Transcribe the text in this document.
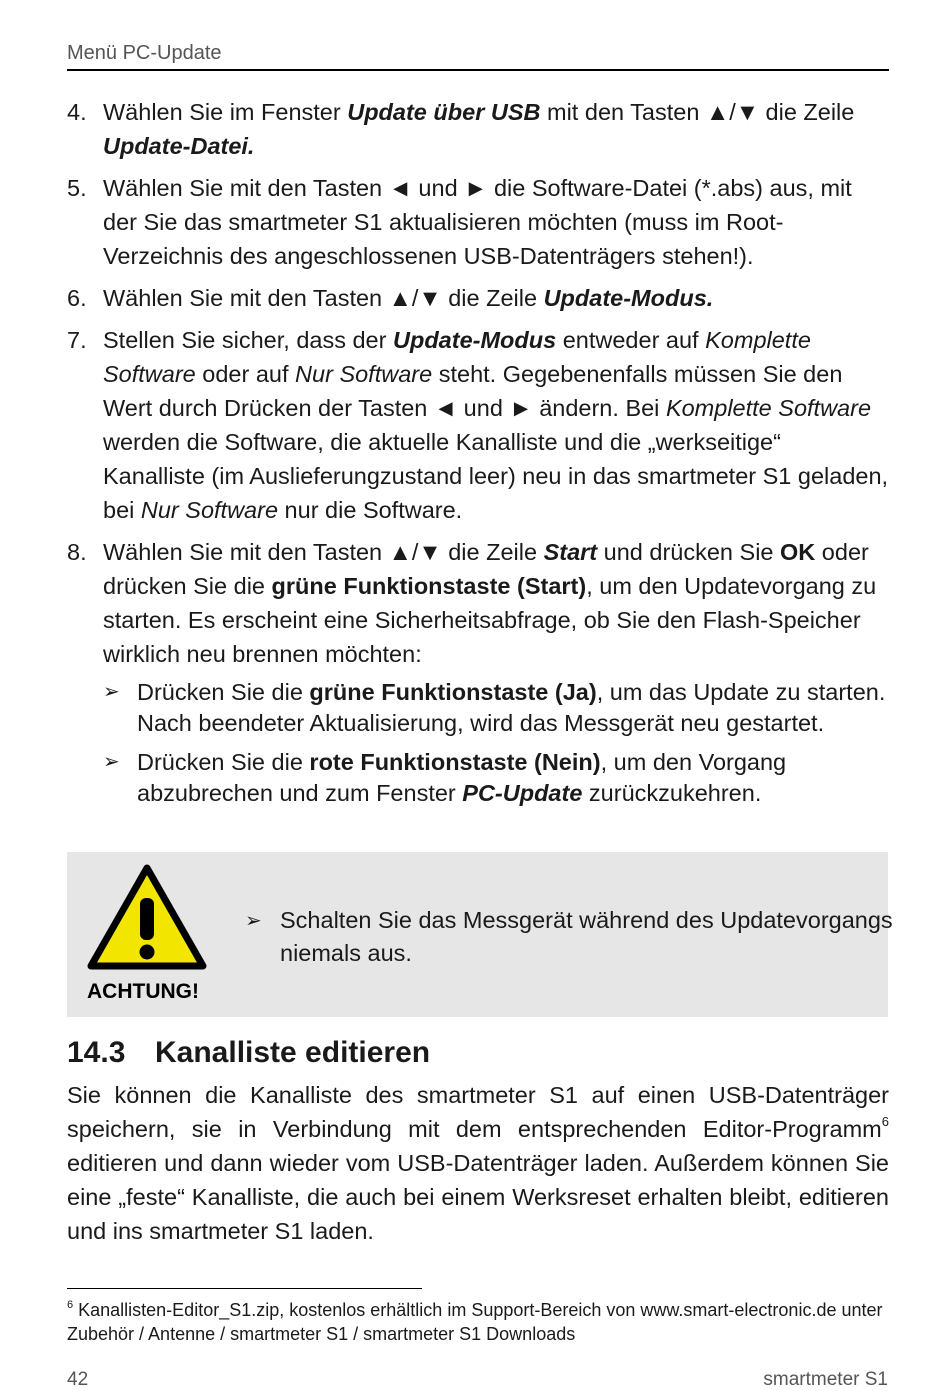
Menü PC-Update
4. Wählen Sie im Fenster Update über USB mit den Tasten ▲/▼ die Zeile Update-Datei.
5. Wählen Sie mit den Tasten ◄ und ► die Software-Datei (*.abs) aus, mit der Sie das smartmeter S1 aktualisieren möchten (muss im Root-Verzeichnis des angeschlossenen USB-Datenträgers stehen!).
6. Wählen Sie mit den Tasten ▲/▼ die Zeile Update-Modus.
7. Stellen Sie sicher, dass der Update-Modus entweder auf Komplette Software oder auf Nur Software steht. Gegebenenfalls müssen Sie den Wert durch Drücken der Tasten ◄ und ► ändern. Bei Komplette Software werden die Software, die aktuelle Kanalliste und die „werkseitige“ Kanalliste (im Auslieferungzustand leer) neu in das smartmeter S1 geladen, bei Nur Software nur die Software.
8. Wählen Sie mit den Tasten ▲/▼ die Zeile Start und drücken Sie OK oder drücken Sie die grüne Funktionstaste (Start), um den Updatevorgang zu starten. Es erscheint eine Sicherheitsabfrage, ob Sie den Flash-Speicher wirklich neu brennen möchten:
➢ Drücken Sie die grüne Funktionstaste (Ja), um das Update zu starten. Nach beendeter Aktualisierung, wird das Messgerät neu gestartet.
➢ Drücken Sie die rote Funktionstaste (Nein), um den Vorgang abzubrechen und zum Fenster PC-Update zurückzukehren.
ACHTUNG!
➢ Schalten Sie das Messgerät während des Updatevorgangs niemals aus.
14.3 Kanalliste editieren
Sie können die Kanalliste des smartmeter S1 auf einen USB-Datenträger speichern, sie in Verbindung mit dem entsprechenden Editor-Programm$^6$ editieren und dann wieder vom USB-Datenträger laden. Außerdem können Sie eine „feste“ Kanalliste, die auch bei einem Werksreset erhalten bleibt, editieren und ins smartmeter S1 laden.
$^6$ Kanallisten-Editor_S1.zip, kostenlos erhältlich im Support-Bereich von www.smart-electronic.de unter Zubehör / Antenne / smartmeter S1 / smartmeter S1 Downloads
42	smartmeter S1
